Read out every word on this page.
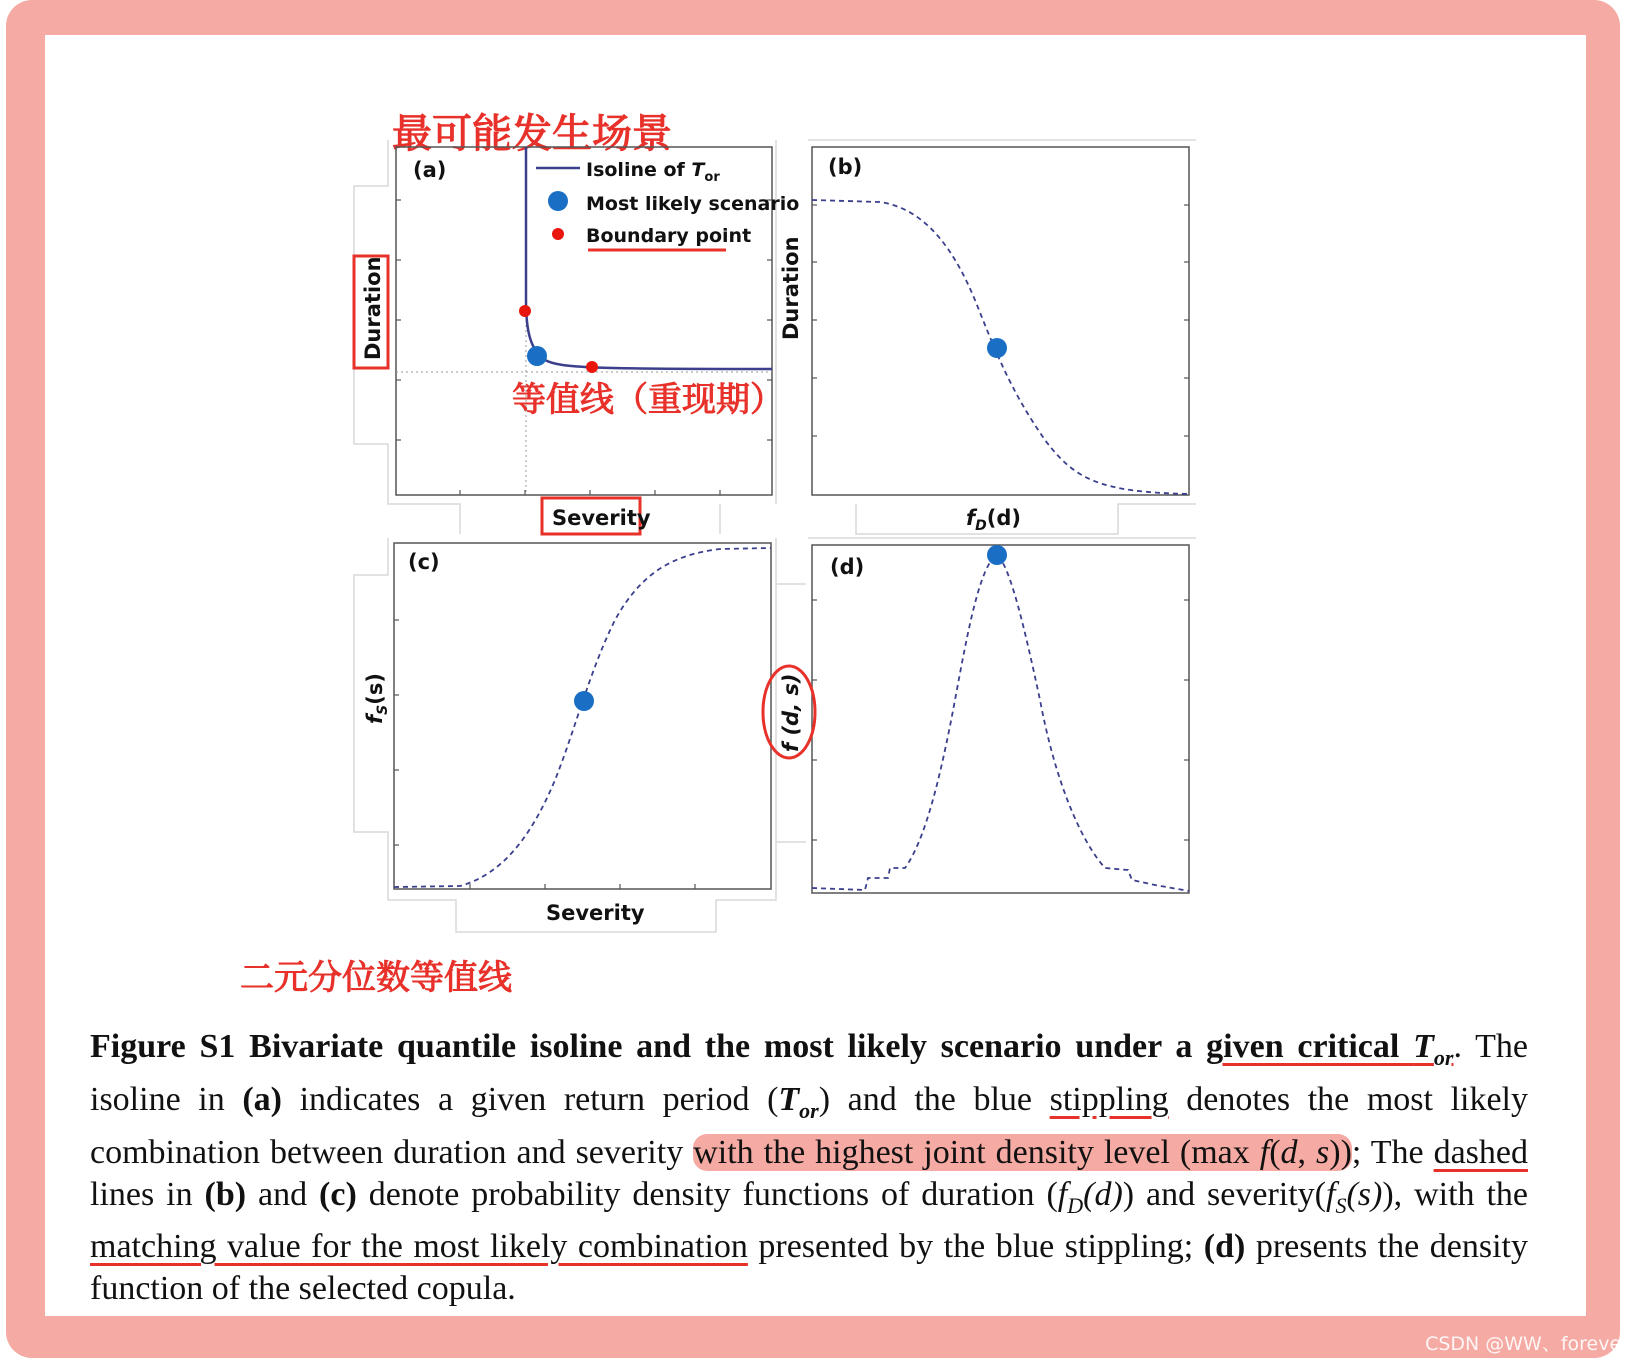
最可能发生场景
等值线（重现期）
二元分位数等值线
Isoline of $T_{or}$
Most likely scenario
Boundary point
(a)
Duration
Severity
(b)
Duration
$f_D(d)$
(c)
$f_S(s)$
Severity
(d)
f (d, s)
Figure S1 Bivariate quantile isoline and the most likely scenario under a given critical $T_{or}$. The isoline in (a) indicates a given return period $(T_{or})$ and the blue stippling denotes the most likely combination between duration and severity with the highest joint density level (max f(d, s)); The dashed lines in (b) and (c) denote probability density functions of duration $(f_D(d))$ and $severity(f_S(s))$, with the matching value for the most likely combination presented by the blue stippling; (d) presents the density function of the selected copula.
CSDN @WW、forever
